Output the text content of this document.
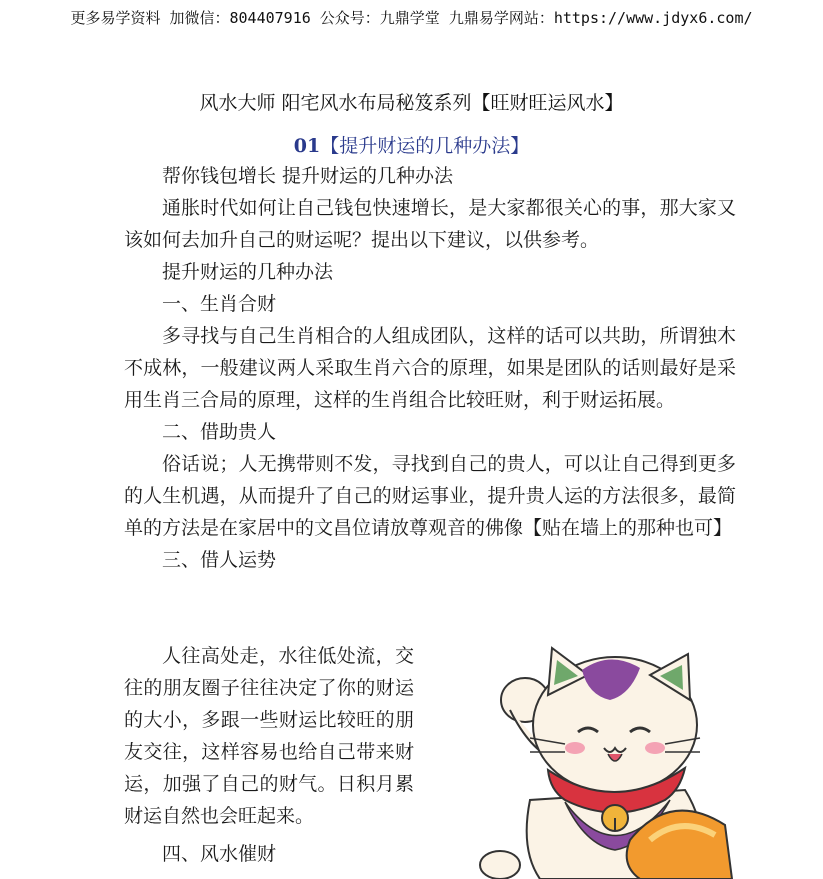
更多易学资料 加微信：804407916 公众号：九鼎学堂 九鼎易学网站：https://www.jdyx6.com/
风水大师 阳宅风水布局秘笈系列【旺财旺运风水】
01【提升财运的几种办法】

帮你钱包增长 提升财运的几种办法

通胀时代如何让自己钱包快速增长，是大家都很关心的事，那大家又该如何去加升自己的财运呢？提出以下建议，以供参考。

提升财运的几种办法

一、生肖合财

多寻找与自己生肖相合的人组成团队，这样的话可以共助，所谓独木不成林，一般建议两人采取生肖六合的原理，如果是团队的话则最好是采用生肖三合局的原理，这样的生肖组合比较旺财，利于财运拓展。

二、借助贵人

俗话说；人无携带则不发，寻找到自己的贵人，可以让自己得到更多的人生机遇，从而提升了自己的财运事业，提升贵人运的方法很多，最简单的方法是在家居中的文昌位请放尊观音的佛像【贴在墙上的那种也可】

三、借人运势

人往高处走，水往低处流，交往的朋友圈子往往决定了你的财运的大小，多跟一些财运比较旺的朋友交往，这样容易也给自己带来财运，加强了自己的财气。日积月累财运自然也会旺起来。

四、风水催财
